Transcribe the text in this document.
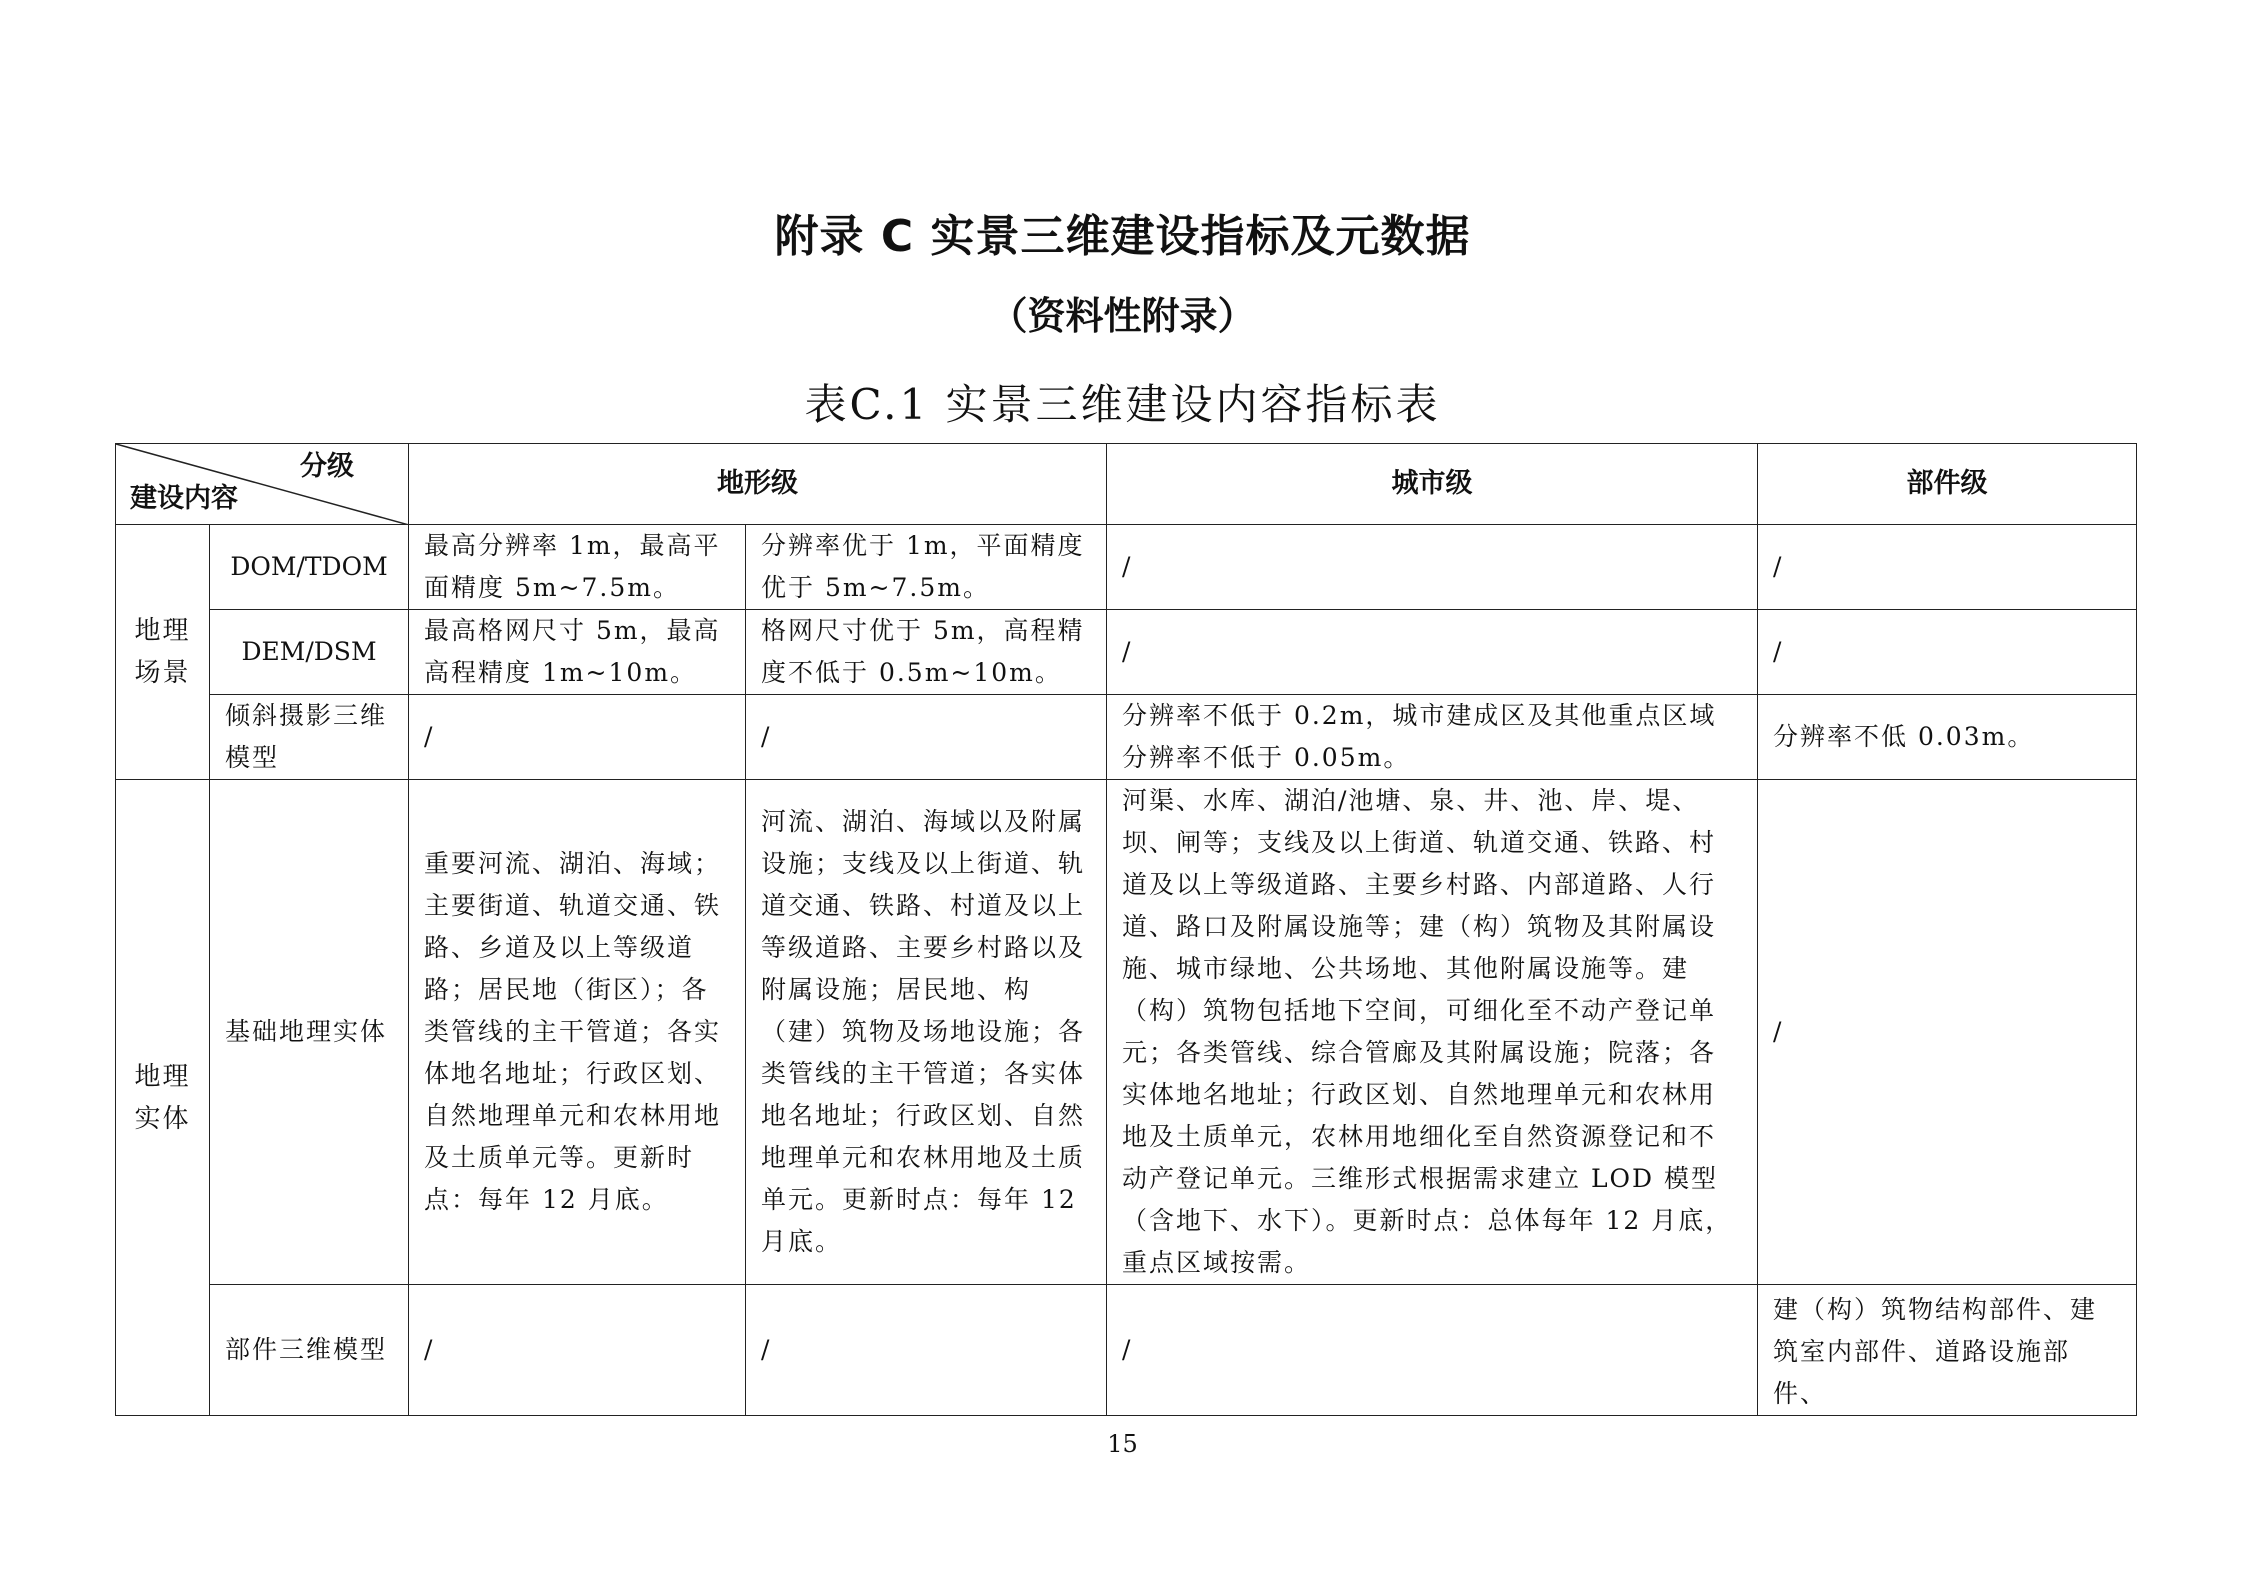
附录 C 实景三维建设指标及元数据
（资料性附录）
表C.1 实景三维建设内容指标表
分级
建设内容		地形级		城市级	部件级
地理场景	DOM/TDOM	最高分辨率 1m，最高平面精度 5m~7.5m。	分辨率优于 1m，平面精度优于 5m~7.5m。	/	/
	DEM/DSM	最高格网尺寸 5m，最高高程精度 1m~10m。	格网尺寸优于 5m，高程精度不低于 0.5m~10m。	/	/
	倾斜摄影三维模型	/	/	分辨率不低于 0.2m，城市建成区及其他重点区域分辨率不低于 0.05m。	分辨率不低 0.03m。
地理实体	基础地理实体	重要河流、湖泊、海域；主要街道、轨道交通、铁路、乡道及以上等级道路；居民地（街区）；各类管线的主干管道；各实体地名地址；行政区划、自然地理单元和农林用地及土质单元等。更新时点：每年 12 月底。	河流、湖泊、海域以及附属设施；支线及以上街道、轨道交通、铁路、村道及以上等级道路、主要乡村路以及附属设施；居民地、构（建）筑物及场地设施；各类管线的主干管道；各实体地名地址；行政区划、自然地理单元和农林用地及土质单元。更新时点：每年 12 月底。	河渠、水库、湖泊/池塘、泉、井、池、岸、堤、坝、闸等；支线及以上街道、轨道交通、铁路、村道及以上等级道路、主要乡村路、内部道路、人行道、路口及附属设施等；建（构）筑物及其附属设施、城市绿地、公共场地、其他附属设施等。建（构）筑物包括地下空间，可细化至不动产登记单元；各类管线、综合管廊及其附属设施；院落；各实体地名地址；行政区划、自然地理单元和农林用地及土质单元，农林用地细化至自然资源登记和不动产登记单元。三维形式根据需求建立 LOD 模型（含地下、水下）。更新时点：总体每年 12 月底，重点区域按需。	/
	部件三维模型	/	/	/	建（构）筑物结构部件、建筑室内部件、道路设施部件、
15
